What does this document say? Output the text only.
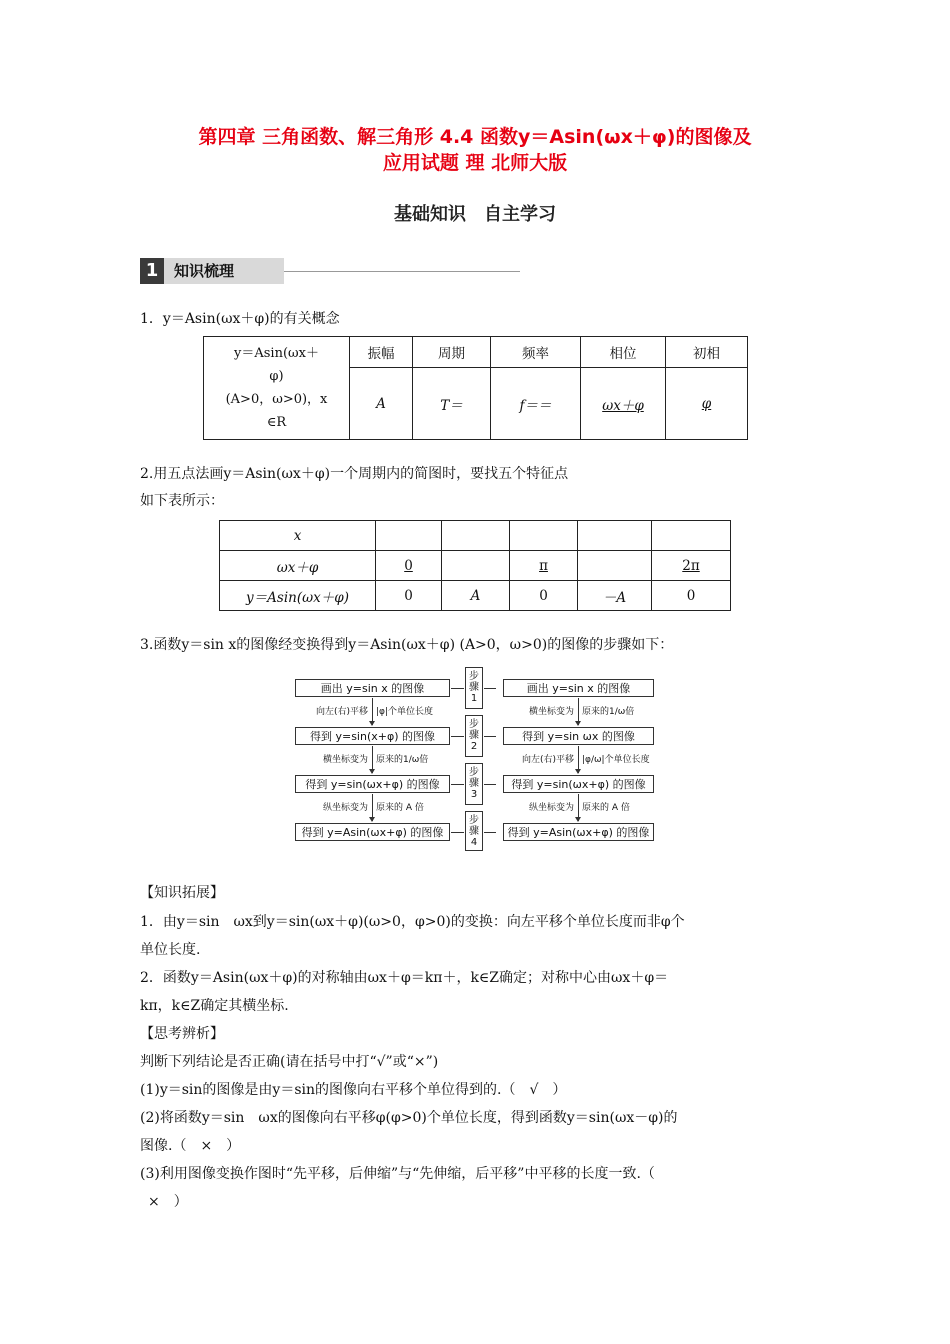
第四章 三角函数、解三角形 4.4 函数y＝Asin(ωx＋φ)的图像及
应用试题 理 北师大版
基础知识　自主学习
1	知识梳理
1．y＝Asin(ωx＋φ)的有关概念
y＝Asin(ωx＋
φ)
(A>0，ω>0)，x
∈R	振幅	周期	频率	相位	初相
	A	T＝	f＝＝	ωx＋φ	φ
2.用五点法画y＝Asin(ωx＋φ)一个周期内的简图时，要找五个特征点
如下表所示：
x					
ωx＋φ	0		π		2π
y＝Asin(ωx＋φ)	0	A	0	－A	0
3.函数y＝sin x的图像经变换得到y＝Asin(ωx＋φ) (A>0，ω>0)的图像的步骤如下：
画出 y=sin x 的图像
得到 y=sin(x+φ) 的图像
得到 y=sin(ωx+φ) 的图像
得到 y=Asin(ωx+φ) 的图像
向左(右)平移 |φ|个单位长度
横坐标变为 原来的1/ω倍
纵坐标变为 原来的 A 倍
步骤1
步骤2
步骤3
步骤4
画出 y=sin x 的图像
得到 y=sin ωx 的图像
得到 y=sin(ωx+φ) 的图像
得到 y=Asin(ωx+φ) 的图像
横坐标变为 原来的1/ω倍
向左(右)平移 |φ/ω|个单位长度
纵坐标变为 原来的 A 倍
【知识拓展】
1．由y＝sin　ωx到y＝sin(ωx＋φ)(ω>0，φ>0)的变换：向左平移个单位长度而非φ个
单位长度.
2．函数y＝Asin(ωx＋φ)的对称轴由ωx＋φ＝kπ＋，k∈Z确定；对称中心由ωx＋φ＝
kπ，k∈Z确定其横坐标.
【思考辨析】
判断下列结论是否正确(请在括号中打“√”或“×”)
(1)y＝sin的图像是由y＝sin的图像向右平移个单位得到的.（　√　）
(2)将函数y＝sin　ωx的图像向右平移φ(φ>0)个单位长度，得到函数y＝sin(ωx－φ)的
图像.（　×　）
(3)利用图像变换作图时“先平移，后伸缩”与“先伸缩，后平移”中平移的长度一致.（
×　）
